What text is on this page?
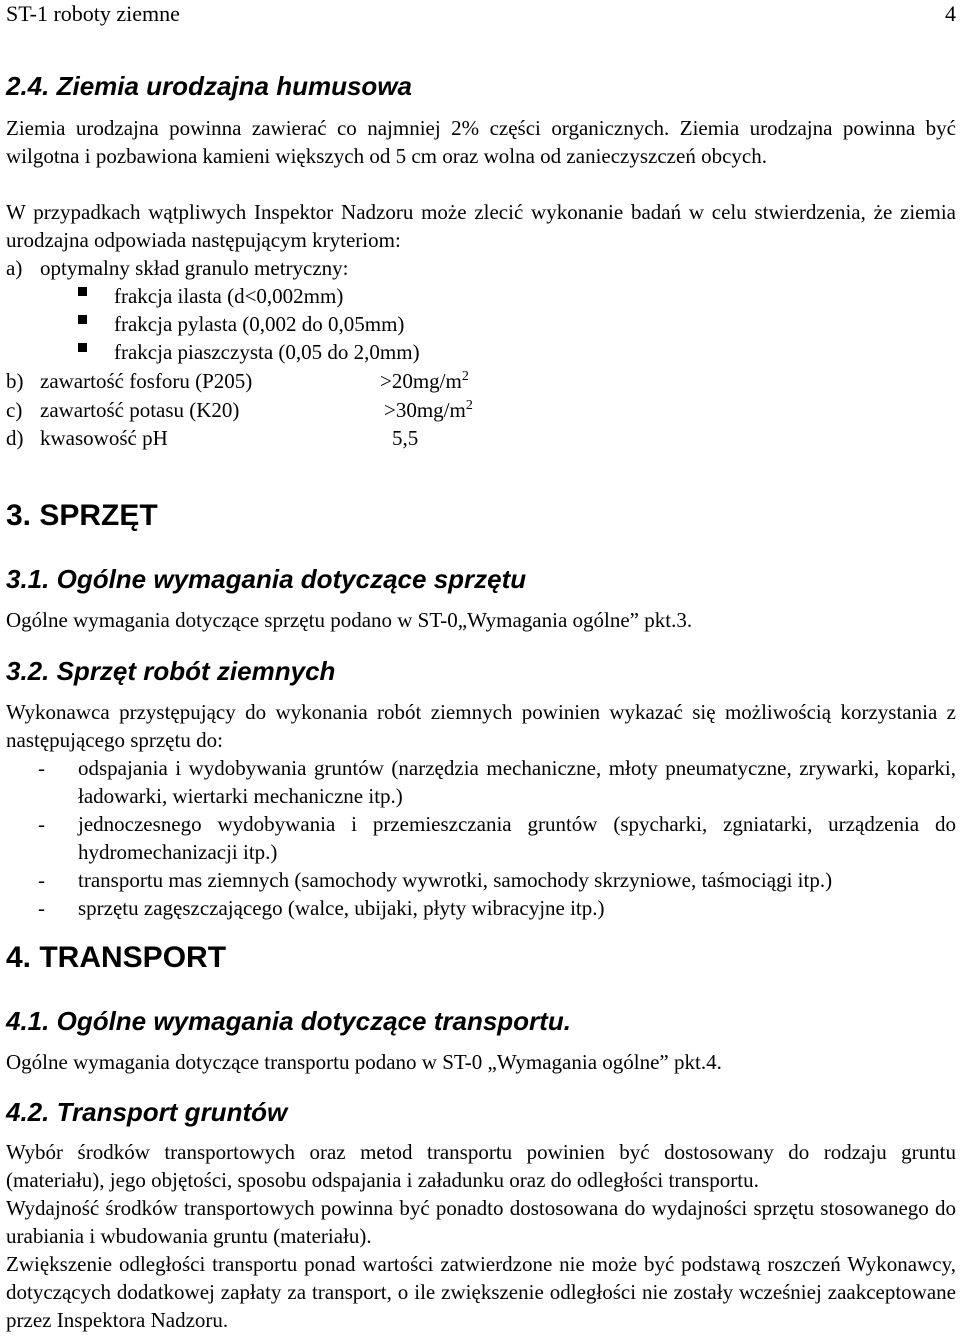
ST-1 roboty ziemne	4
2.4. Ziemia urodzajna humusowa
Ziemia urodzajna powinna zawierać co najmniej 2% części organicznych. Ziemia urodzajna powinna być wilgotna i pozbawiona kamieni większych od 5 cm oraz wolna od zanieczyszczeń obcych.
W przypadkach wątpliwych Inspektor Nadzoru może zlecić wykonanie badań w celu stwierdzenia, że ziemia urodzajna odpowiada następującym kryteriom:
a) optymalny skład granulo metryczny:
frakcja ilasta (d<0,002mm)
frakcja pylasta (0,002 do 0,05mm)
frakcja piaszczysta (0,05 do 2,0mm)
b) zawartość fosforu (P205)	$>20mg/m^2$
c) zawartość potasu (K20)	$>30mg/m^2$
d) kwasowość pH	5,5
3. SPRZĘT
3.1. Ogólne wymagania dotyczące sprzętu
Ogólne wymagania dotyczące sprzętu podano w ST-0„Wymagania ogólne” pkt.3.
3.2. Sprzęt robót ziemnych
Wykonawca przystępujący do wykonania robót ziemnych powinien wykazać się możliwością korzystania z następującego sprzętu do:
- odspajania i wydobywania gruntów (narzędzia mechaniczne, młoty pneumatyczne, zrywarki, koparki, ładowarki, wiertarki mechaniczne itp.)
- jednoczesnego wydobywania i przemieszczania gruntów (spycharki, zgniatarki, urządzenia do hydromechanizacji itp.)
- transportu mas ziemnych (samochody wywrotki, samochody skrzyniowe, taśmociągi itp.)
- sprzętu zagęszczającego (walce, ubijaki, płyty wibracyjne itp.)
4. TRANSPORT
4.1. Ogólne wymagania dotyczące transportu.
Ogólne wymagania dotyczące transportu podano w ST-0 „Wymagania ogólne” pkt.4.
4.2. Transport gruntów
Wybór środków transportowych oraz metod transportu powinien być dostosowany do rodzaju gruntu (materiału), jego objętości, sposobu odspajania i załadunku oraz do odległości transportu.
Wydajność środków transportowych powinna być ponadto dostosowana do wydajności sprzętu stosowanego do urabiania i wbudowania gruntu (materiału).
Zwiększenie odległości transportu ponad wartości zatwierdzone nie może być podstawą roszczeń Wykonawcy, dotyczących dodatkowej zapłaty za transport, o ile zwiększenie odległości nie zostały wcześniej zaakceptowane przez Inspektora Nadzoru.
